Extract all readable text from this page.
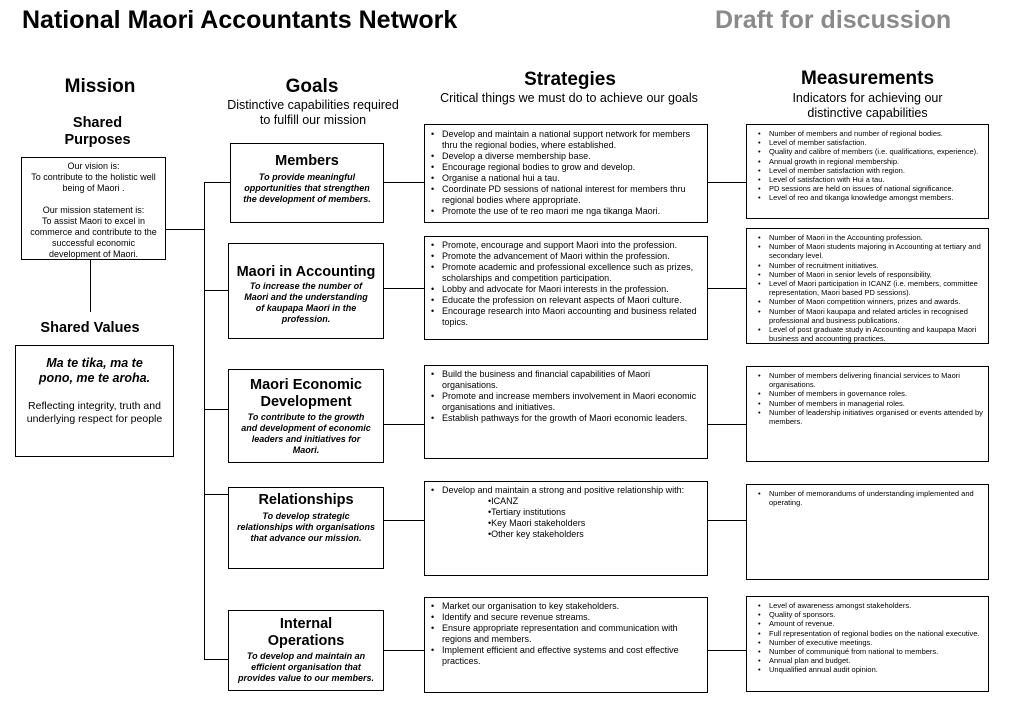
National Maori Accountants Network	Draft for discussion
Mission
Shared Purposes
Goals
Distinctive capabilities required to fulfill our mission
Strategies
Critical things we must do to achieve our goals
Measurements
Indicators for achieving our distinctive capabilities
Our vision is:
To contribute to the holistic well being of Maori .

Our mission statement is:
To assist Maori to excel in commerce and contribute to the successful economic development of Maori.
Shared Values
Ma te tika, ma te pono, me te aroha.
Reflecting integrity, truth and underlying respect for people
Members
To provide meaningful opportunities that strengthen the development of members.
Maori in Accounting
To increase the number of Maori and the understanding of kaupapa Maori in the profession.
Maori Economic Development
To contribute to the growth and development of economic leaders and initiatives for Maori.
Relationships
To develop strategic relationships with organisations that advance our mission.
Internal Operations
To develop and maintain an efficient organisation that provides value to our members.
• Develop and maintain a national support network for members thru the regional bodies, where established.
• Develop a diverse membership base.
• Encourage regional bodies to grow and develop.
• Organise a national hui a tau.
• Coordinate PD sessions of national interest for members thru regional bodies where appropriate.
• Promote the use of te reo maori me nga tikanga Maori.
• Promote, encourage and support Maori into the profession.
• Promote the advancement of Maori within the profession.
• Promote academic and professional excellence such as prizes, scholarships and competition participation.
• Lobby and advocate for Maori interests in the profession.
• Educate the profession on relevant aspects of Maori culture.
• Encourage research into Maori accounting and business related topics.
• Build the business and financial capabilities of Maori organisations.
• Promote and increase members involvement in Maori economic organisations and initiatives.
• Establish pathways for the growth of Maori economic leaders.
• Develop and maintain a strong and positive relationship with:
•ICANZ
•Tertiary institutions
•Key Maori stakeholders
•Other key stakeholders
• Market our organisation to key stakeholders.
• Identify and secure revenue streams.
• Ensure appropriate representation and communication with regions and members.
• Implement efficient and effective systems and cost effective practices.
• Number of members and number of regional bodies.
• Level of member satisfaction.
• Quality and calibre of members (i.e. qualifications, experience).
• Annual growth in regional membership.
• Level of member satisfaction with region.
• Level of satisfaction with Hui a tau.
• PD sessions are held on issues of national significance.
• Level of reo and tikanga knowledge amongst members.
• Number of Maori in the Accounting profession.
• Number of Maori students majoring in Accounting at tertiary and secondary level.
• Number of recruitment initiatives.
• Number of Maori in senior levels of responsibility.
• Level of Maori participation in ICANZ (i.e. members, committee representation, Maori based PD sessions).
• Number of Maori competition winners, prizes and awards.
• Number of Maori kaupapa and related articles in recognised professional and business publications.
• Level of post graduate study in Accounting and kaupapa Maori business and accounting practices.
• Number of members delivering financial services to Maori organisations.
• Number of members in governance roles.
• Number of members in managerial roles.
• Number of leadership initiatives organised or events attended by members.
• Number of memorandums of understanding implemented and operating.
• Level of awareness amongst stakeholders.
• Quality of sponsors.
• Amount of revenue.
• Full representation of regional bodies on the national executive.
• Number of executive meetings.
• Number of communiqué from national to members.
• Annual plan and budget.
• Unqualified annual audit opinion.
